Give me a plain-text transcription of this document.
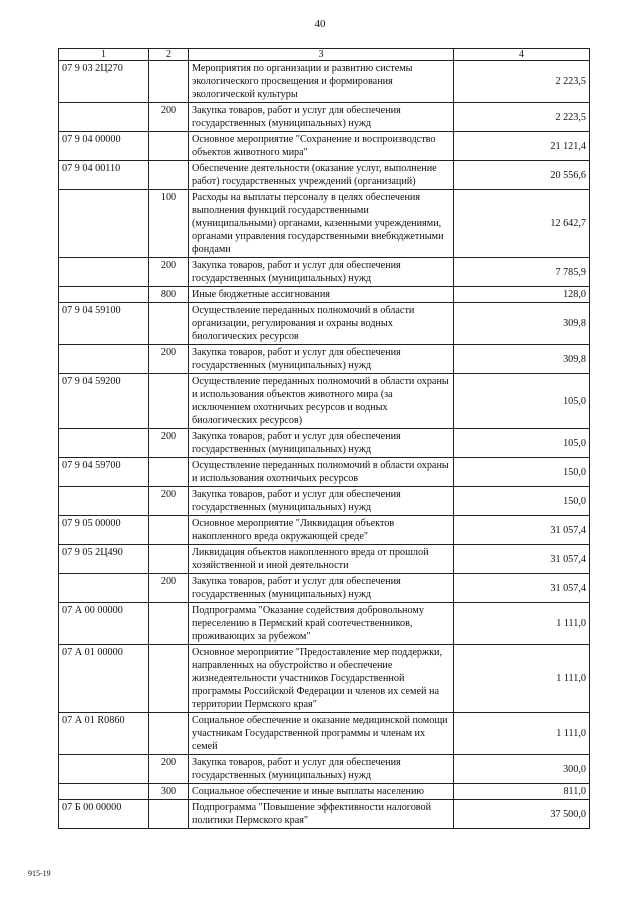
40
1	2	3	4
07 9 03 2Ц270		Мероприятия по организации и развитию системы экологического просвещения и формирования экологической культуры	2 223,5
	200	Закупка товаров, работ и услуг для обеспечения государственных (муниципальных) нужд	2 223,5
07 9 04 00000		Основное мероприятие "Сохранение и воспроизводство объектов животного мира"	21 121,4
07 9 04 00110		Обеспечение деятельности (оказание услуг, выполнение работ) государственных учреждений (организаций)	20 556,6
	100	Расходы на выплаты персоналу в целях обеспечения выполнения функций государственными (муниципальными) органами, казенными учреждениями, органами управления государственными внебюджетными фондами	12 642,7
	200	Закупка товаров, работ и услуг для обеспечения государственных (муниципальных) нужд	7 785,9
	800	Иные бюджетные ассигнования	128,0
07 9 04 59100		Осуществление переданных полномочий в области организации, регулирования и охраны водных биологических ресурсов	309,8
	200	Закупка товаров, работ и услуг для обеспечения государственных (муниципальных) нужд	309,8
07 9 04 59200		Осуществление переданных полномочий в области охраны и использования объектов животного мира (за исключением охотничьих ресурсов и водных биологических ресурсов)	105,0
	200	Закупка товаров, работ и услуг для обеспечения государственных (муниципальных) нужд	105,0
07 9 04 59700		Осуществление переданных полномочий в области охраны и использования охотничьих ресурсов	150,0
	200	Закупка товаров, работ и услуг для обеспечения государственных (муниципальных) нужд	150,0
07 9 05 00000		Основное мероприятие "Ликвидация объектов накопленного вреда окружающей среде"	31 057,4
07 9 05 2Ц490		Ликвидация объектов накопленного вреда от прошлой хозяйственной и иной деятельности	31 057,4
	200	Закупка товаров, работ и услуг для обеспечения государственных (муниципальных) нужд	31 057,4
07 А 00 00000		Подпрограмма "Оказание содействия добровольному переселению в Пермский край соотечественников, проживающих за рубежом"	1 111,0
07 А 01 00000		Основное мероприятие "Предоставление мер поддержки, направленных на обустройство и обеспечение жизнедеятельности участников Государственной программы Российской Федерации и членов их семей на территории Пермского края"	1 111,0
07 А 01 R0860		Социальное обеспечение и оказание медицинской помощи участникам Государственной программы и членам их семей	1 111,0
	200	Закупка товаров, работ и услуг для обеспечения государственных (муниципальных) нужд	300,0
	300	Социальное обеспечение и иные выплаты населению	811,0
07 Б 00 00000		Подпрограмма "Повышение эффективности налоговой политики Пермского края"	37 500,0
915-19
